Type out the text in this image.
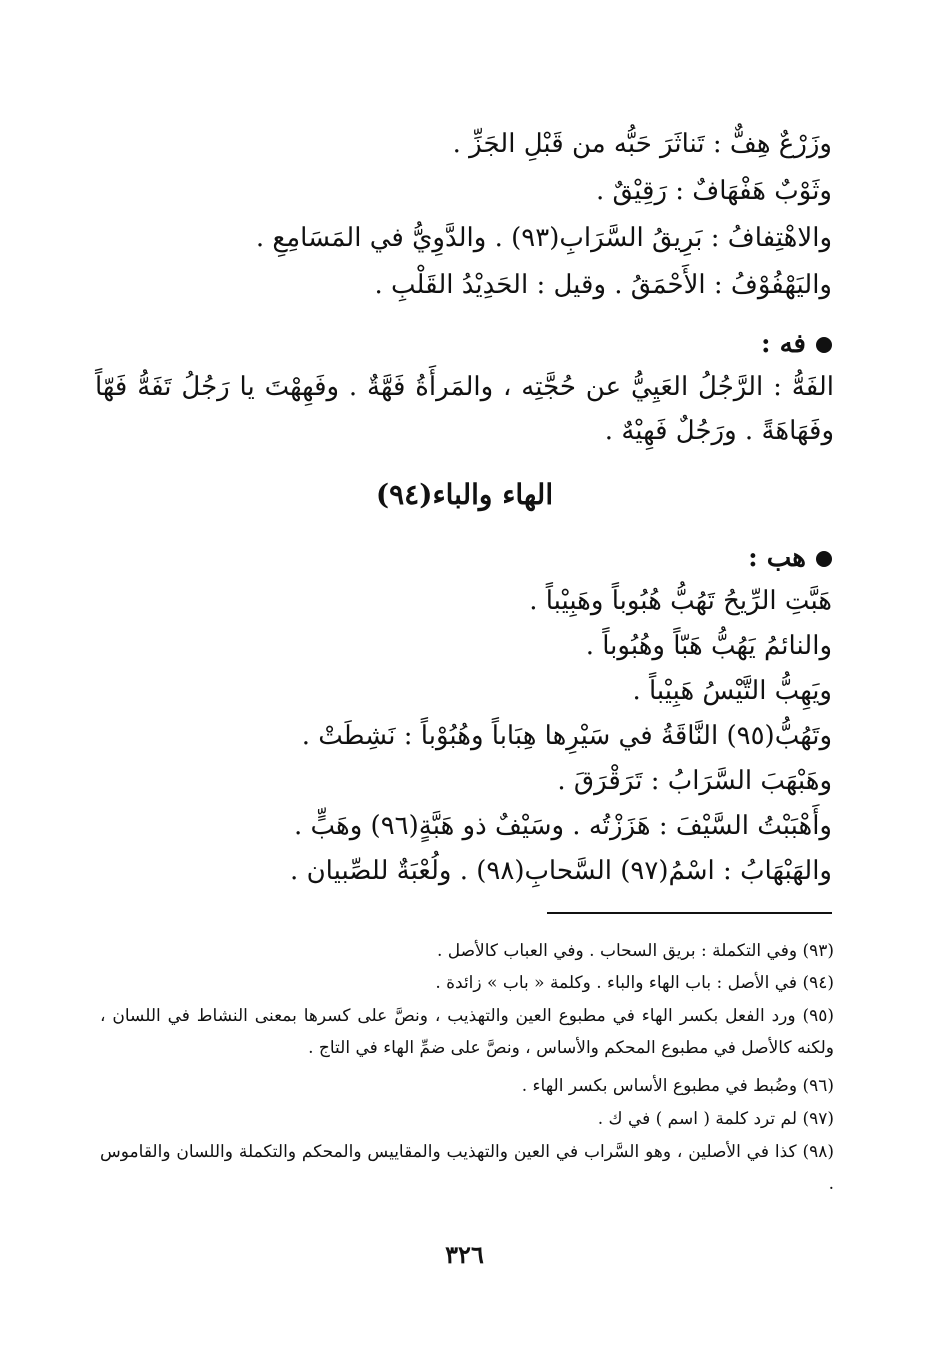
وزَرْعٌ هِفٌّ : تَناثَرَ حَبُّه من قَبْلِ الجَزِّ .
وثَوْبٌ هَفْهَافٌ : رَقِيْقٌ .
والاهْتِفافُ : بَرِيقُ السَّرَابِ(٩٣) . والدَّوِيُّ في المَسَامِعِ .
واليَهْفُوْفُ : الأَحْمَقُ . وقيل : الحَدِيْدُ القَلْبِ .
فه :
الفَهُّ : الرَّجُلُ العَيِيُّ عن حُجَّتِه ، والمَرأَةُ فَهَّةٌ . وفَهِهْتَ يا رَجُلُ تَفَهُّ فَهّاً وفَهَاهَةً . ورَجُلٌ فَهِيْهٌ .
الهاء والباء(٩٤)
هب :
هَبَّتِ الرِّيحُ تَهُبُّ هُبُوباً وهَبِيْباً .
والنائمُ يَهُبُّ هَبّاً وهُبُوباً .
ويَهِبُّ التَّيْسُ هَبِيْباً .
وتَهُبُّ(٩٥) النَّاقَةُ في سَيْرِها هِبَاباً وهُبُوْباً : نَشِطَتْ .
وهَبْهَبَ السَّرَابُ : تَرَقْرَقَ .
وأَهْبَبْتُ السَّيْفَ : هَزَزْتُه . وسَيْفٌ ذو هَبَّةٍ(٩٦) وهَبٍّ .
والهَبْهَابُ : اسْمُ(٩٧) السَّحابِ(٩٨) . ولُعْبَةٌ للصِّبيان .
(٩٣) وفي التكملة : بريق السحاب . وفي العباب كالأصل .
(٩٤) في الأصل : باب الهاء والباء . وكلمة « باب » زائدة .
(٩٥) ورد الفعل بكسر الهاء في مطبوع العين والتهذيب ، ونصَّ على كسرها بمعنى النشاط في اللسان ، ولكنه كالأصل في مطبوع المحكم والأساس ، ونصَّ على ضمِّ الهاء في التاج .
(٩٦) وضُبط في مطبوع الأساس بكسر الهاء .
(٩٧) لم ترد كلمة ( اسم ) في ك .
(٩٨) كذا في الأصلين ، وهو السَّراب في العين والتهذيب والمقاييس والمحكم والتكملة واللسان والقاموس .
٣٢٦
